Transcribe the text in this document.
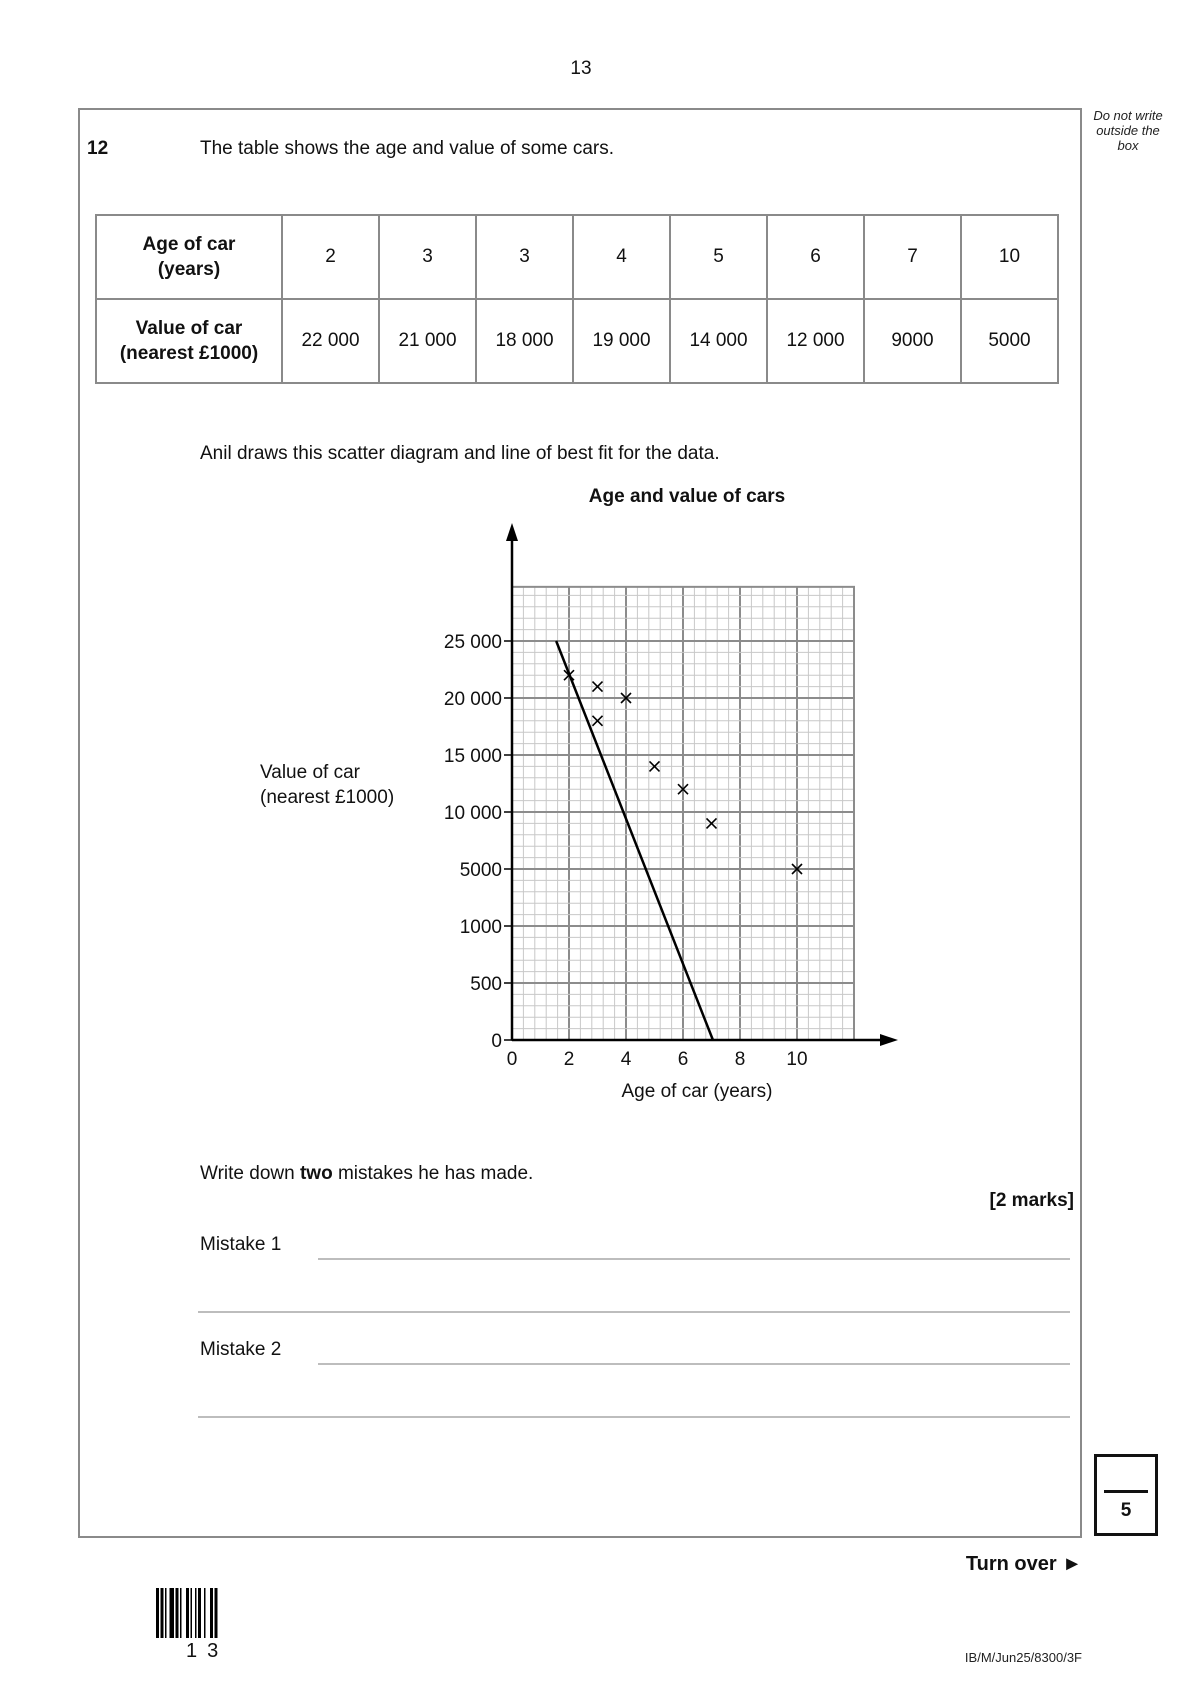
13
Do not write outside the box
12	The table shows the age and value of some cars.
Age of car
(years)	2	3	3	4	5	6	7	10

Value of car
(nearest £1000)	22 000	21 000	18 000	19 000	14 000	12 000	9000	5000
Anil draws this scatter diagram and line of best fit for the data.
Age and value of cars
0
500
1000
5000
10 000
15 000
20 000
25 000
0 2 4 6 8 10
Age of car (years)
Value of car
(nearest £1000)
Write down two mistakes he has made.
[2 marks]
Mistake 1
Mistake 2
5
Turn over ►
13	IB/M/Jun25/8300/3F
